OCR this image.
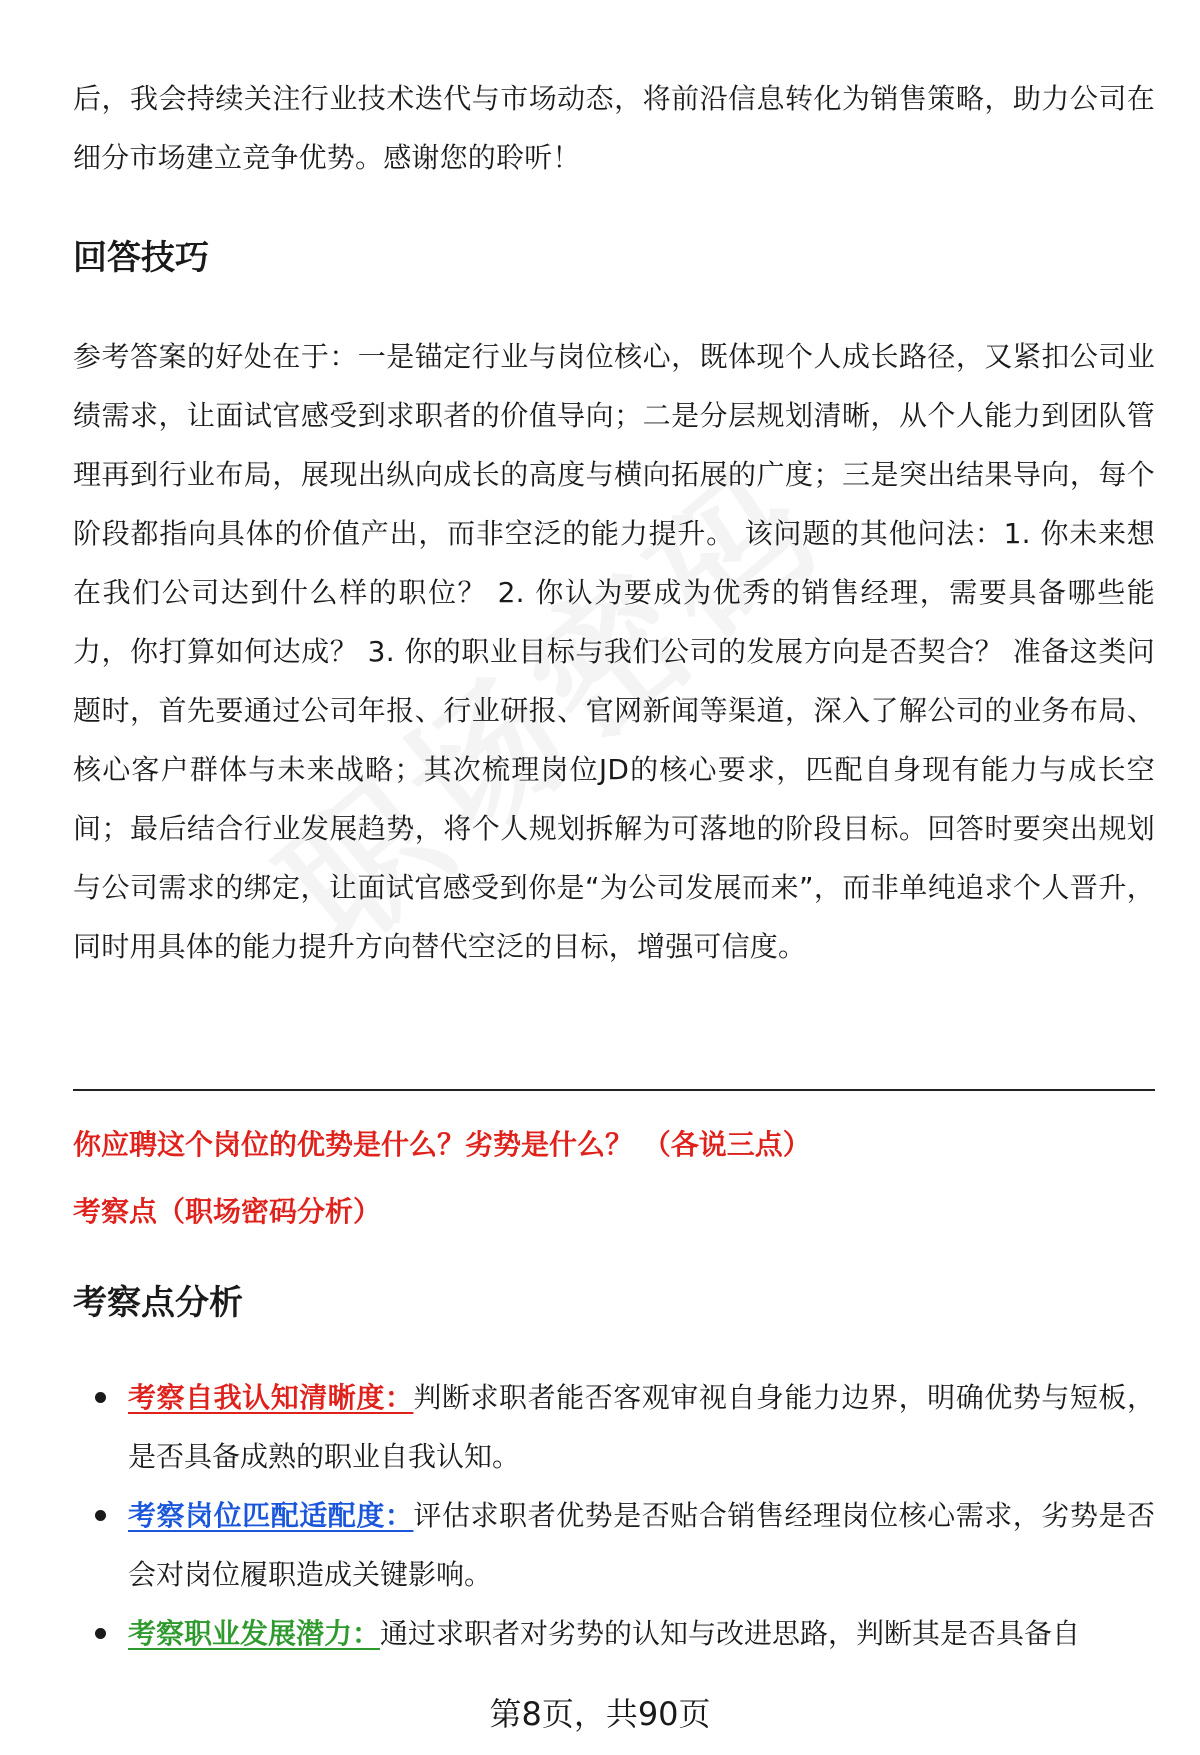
后，我会持续关注行业技术迭代与市场动态，将前沿信息转化为销售策略，助力公司在细分市场建立竞争优势。感谢您的聆听！

回答技巧

参考答案的好处在于：一是锚定行业与岗位核心，既体现个人成长路径，又紧扣公司业绩需求，让面试官感受到求职者的价值导向；二是分层规划清晰，从个人能力到团队管理再到行业布局，展现出纵向成长的高度与横向拓展的广度；三是突出结果导向，每个阶段都指向具体的价值产出，而非空泛的能力提升。 该问题的其他问法：1. 你未来想在我们公司达到什么样的职位？ 2. 你认为要成为优秀的销售经理，需要具备哪些能力，你打算如何达成？ 3. 你的职业目标与我们公司的发展方向是否契合？ 准备这类问题时，首先要通过公司年报、行业研报、官网新闻等渠道，深入了解公司的业务布局、核心客户群体与未来战略；其次梳理岗位JD的核心要求，匹配自身现有能力与成长空间；最后结合行业发展趋势，将个人规划拆解为可落地的阶段目标。回答时要突出规划与公司需求的绑定，让面试官感受到你是“为公司发展而来”，而非单纯追求个人晋升，同时用具体的能力提升方向替代空泛的目标，增强可信度。

你应聘这个岗位的优势是什么？劣势是什么？ （各说三点）

考察点（职场密码分析）

考察点分析
考察自我认知清晰度：判断求职者能否客观审视自身能力边界，明确优势与短板，是否具备成熟的职业自我认知。
考察岗位匹配适配度：评估求职者优势是否贴合销售经理岗位核心需求，劣势是否会对岗位履职造成关键影响。
考察职业发展潜力：通过求职者对劣势的认知与改进思路，判断其是否具备自
第8页，共90页
